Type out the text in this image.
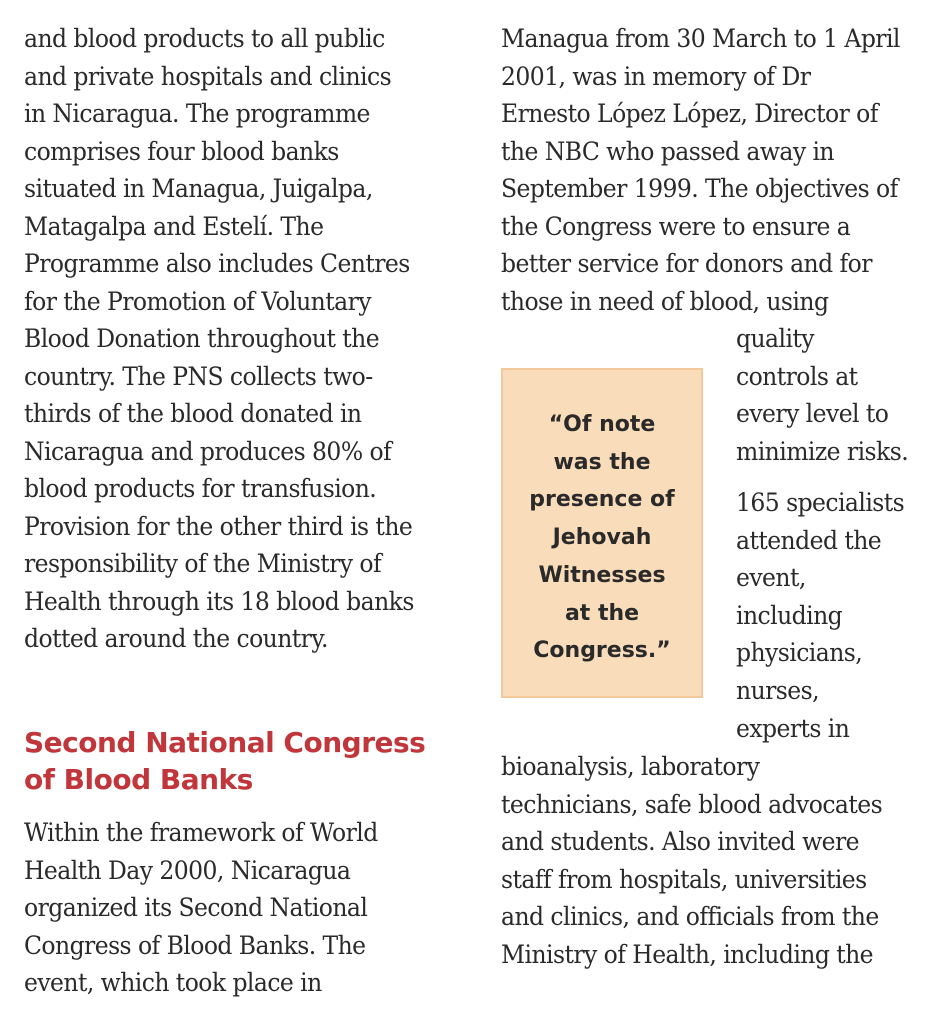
and blood products to all public
and private hospitals and clinics
in Nicaragua. The programme
comprises four blood banks
situated in Managua, Juigalpa,
Matagalpa and Estelí. The
Programme also includes Centres
for the Promotion of Voluntary
Blood Donation throughout the
country. The PNS collects two-
thirds of the blood donated in
Nicaragua and produces 80% of
blood products for transfusion.
Provision for the other third is the
responsibility of the Ministry of
Health through its 18 blood banks
dotted around the country.
Second National Congress
of Blood Banks
Within the framework of World
Health Day 2000, Nicaragua
organized its Second National
Congress of Blood Banks. The
event, which took place in
Managua from 30 March to 1 April
2001, was in memory of Dr
Ernesto López López, Director of
the NBC who passed away in
September 1999. The objectives of
the Congress were to ensure a
better service for donors and for
those in need of blood, using
quality
controls at
every level to
minimize risks.
165 specialists
attended the
event,
including
physicians,
nurses,
experts in
bioanalysis, laboratory
technicians, safe blood advocates
and students. Also invited were
staff from hospitals, universities
and clinics, and officials from the
Ministry of Health, including the
“Of note
was the
presence of
Jehovah
Witnesses
at the
Congress.”
